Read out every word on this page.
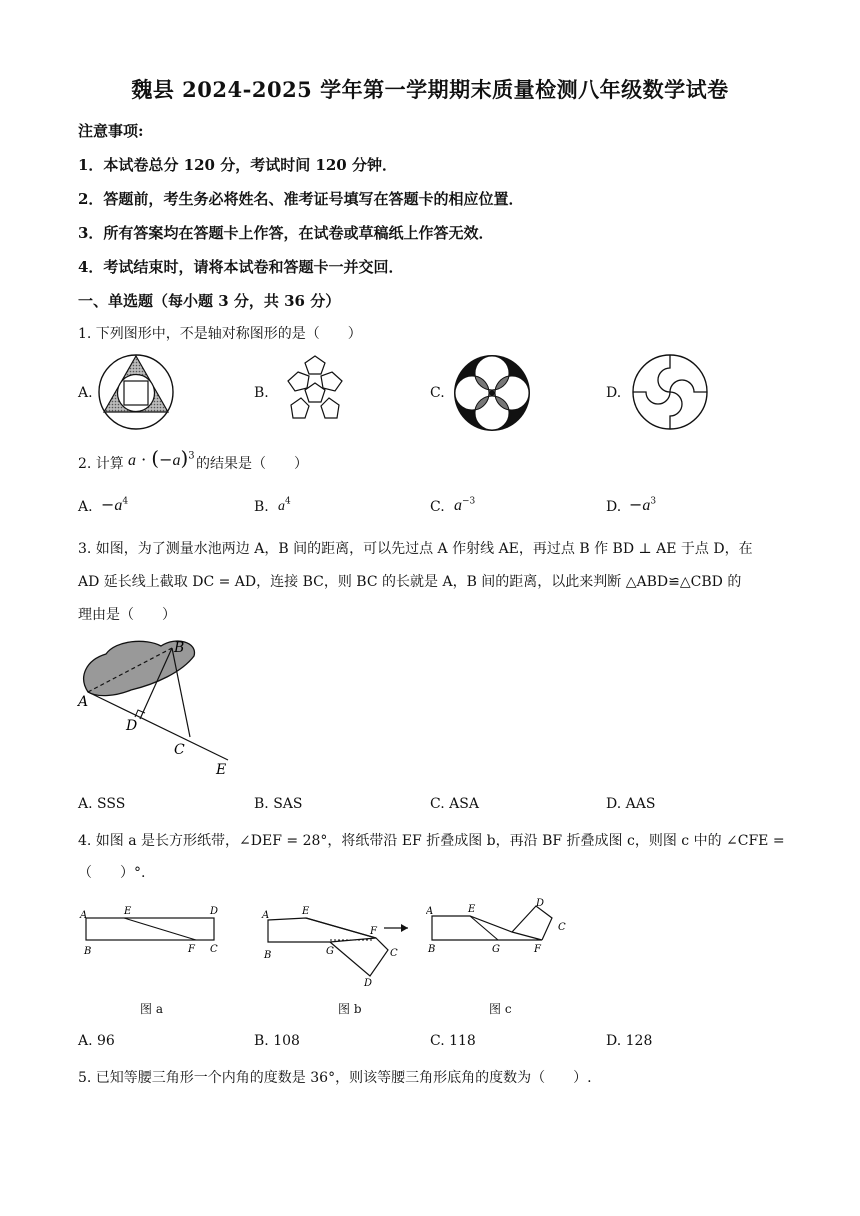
魏县 2024-2025 学年第一学期期末质量检测八年级数学试卷
注意事项:
1．本试卷总分 120 分，考试时间 120 分钟．
2．答题前，考生务必将姓名、准考证号填写在答题卡的相应位置．
3．所有答案均在答题卡上作答，在试卷或草稿纸上作答无效．
4．考试结束时，请将本试卷和答题卡一并交回．
一、单选题（每小题 3 分，共 36 分）
1. 下列图形中，不是轴对称图形的是（　　）
A.	B.	C.	D.
2. 计算 $a \cdot (-a)^3$ 的结果是（　　）
A. $-a^4$	B. $a^4$	C. $a^{-3}$	D. $-a^3$
3. 如图，为了测量水池两边 A，B 间的距离，可以先过点 A 作射线 AE，再过点 B 作 BD ⊥ AE 于点 D，在
AD 延长线上截取 DC = AD，连接 BC，则 BC 的长就是 A，B 间的距离，以此来判断 △ABD≌△CBD 的
理由是（　　）
B
A
D
C
E
A. SSS	B. SAS	C. ASA	D. AAS
4. 如图 a 是长方形纸带，∠DEF = 28°，将纸带沿 EF 折叠成图 b，再沿 BF 折叠成图 c，则图 c 中的 ∠CFE =
（　　）°.
A	E	D
B	F C
A	E
F
B	G	C
D
A	E
D
C
B	G	F
图 a	图 b	图 c
A. 96	B. 108	C. 118	D. 128
5. 已知等腰三角形一个内角的度数是 36°，则该等腰三角形底角的度数为（　　）.
